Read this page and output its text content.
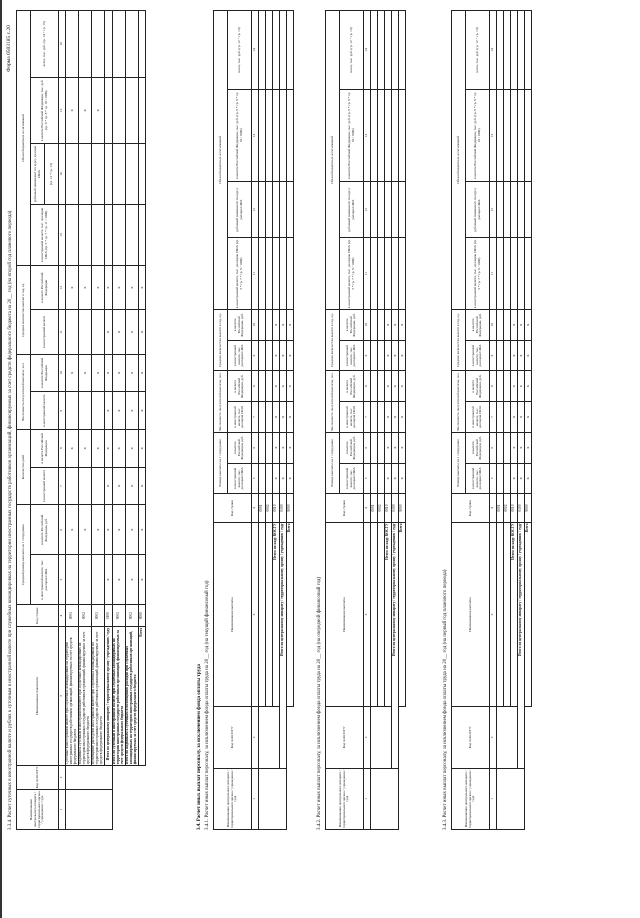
Форма 0503185 с.20
3.3.4. Расчет суточных в иностранной валюте и рублях к суточным в иностранной валюте при служебных командировках на территории иностранных государств работников организаций, финансируемых за счет средств федерального бюджета на 20__ год (на второй год планового периода)	Наименование центрального аппарата / территориального органа / учреждения / суда	Код по КОСГУ	Наименование показателя	Код строки	Средний размер выплаты на 1 сотрудника		Количество дней		Численность получателей выплаты, чел.		Среднее количество выплат в год, ед.		Объем бюджетных ассигнований			
				в иностранной валюте, тыс. долларов США	в валюте Российской Федерации, руб.	в иностранной валюте	в валюте Российской Федерации	в иностранной валюте	в валюте Российской Федерации	в иностранной валюте	в валюте Российской Федерации	в иностранной валюте, тыс. долларов США (гр. 5 * гр. 7 * гр. 11 / 1000)	рублевый эквивалент по курсу доллара США	в валюте Российской Федерации, тыс. руб. (гр. 6 * гр. 8 * гр. 10 / 1000)	всего, тыс. руб. (гр. 14 + гр. 15)
													(гр. 12 * гр. 13)		
1	2	3	4	5	6	7	8	9	10	11	12	13	14	15	16
		Суточные в иностранной валюте при служебных командировках на территории иностранных государств работников организаций, финансируемых за счет средств федерального бюджета	0001		x		x		x		x			x	
		Надбавки к суточным в иностранной валюте при служебных командировках на территории иностранных государств работников организаций, финансируемых за счет средств федерального бюджета	0002		x		x		x		x			x	
		Возмещение расходов в иностранной валюте при служебных командировках на территории иностранных государств работников организаций, финансируемых за счет средств федерального бюджета	0003		x		x		x		x			x	
		Итого по центральному аппарату / территориальному органу / учреждению / суду	0100	x	x	x	x	x	x	x	x				
		Итого по суточным в иностранной валюте при служебных командировках на территории иностранных государств работников организаций, финансируемых за счет средств федерального бюджета	9001	x	x	x	x	x	x	x	x				
		Итого по надбавкам к суточным и возмещению расходов при служебных командировках на территории иностранных государств работников организаций, финансируемых за счет средств федерального бюджета	9002	x	x	x	x	x	x	x	x				
		Всего	9000	x	x	x	x	x	x	x	x				
3.4. Расчет иных выплат персоналу, за исключением фонда оплаты труда 3.4.1. Расчет иных выплат персоналу, за исключением фонда оплаты труда на 20__ год (на текущий финансовый год)	Наименование центрального аппарата / территориального органа / учреждения / суда	Код по КОСГУ	Наименование выплаты	Код строки	Размер выплаты на 1 сотрудника		Численность получателей выплаты, чел.		Среднее количество выплат в год, ед.		Объем бюджетных ассигнований			
				в иностранной валюте, тыс. долларов США	в валюте Российской Федерации, руб.	в иностранной валюте, тыс. долларов США	в валюте Российской Федерации, руб.	в иностранной валюте, тыс. долларов США	в валюте Российской Федерации, руб.	в иностранной валюте, тыс. долларов США (гр. 5 * гр. 7 * гр. 9 / 1000)	рублевый эквивалент по курсу доллара США	в валюте Российской Федерации, тыс. руб. (гр. 6 * гр. 8 * гр. 10 / 1000)	всего, тыс. руб. (гр. 12 + гр. 13)
1	2	3	4	5	6	7	8	9	10	11	12	13	14
			0001										
			0002										
		Итого по коду КОСГУ	0010	x	x	x	x	x	x				
	Итого по центральному аппарату / территориальному органу / учреждению / суду		0100	x	x	x	x	x	x				
		Всего	9000	x	x	x	x	x	x				
3.4.2. Расчет иных выплат персоналу, за исключением фонда оплаты труда на 20__ год (на очередной финансовый год)	Наименование центрального аппарата / территориального органа / учреждения / суда	Код по КОСГУ	Наименование выплаты	Код строки	Размер выплаты на 1 сотрудника		Численность получателей выплаты, чел.		Среднее количество выплат в год, ед.		Объем бюджетных ассигнований			
				в иностранной валюте, тыс. долларов США	в валюте Российской Федерации, руб.	в иностранной валюте, тыс. долларов США	в валюте Российской Федерации, руб.	в иностранной валюте, тыс. долларов США	в валюте Российской Федерации, руб.	в иностранной валюте, тыс. долларов США (гр. 5 * гр. 7 * гр. 9 / 1000)	рублевый эквивалент по курсу доллара США	в валюте Российской Федерации, тыс. руб. (гр. 6 * гр. 8 * гр. 10 / 1000)	всего, тыс. руб. (гр. 12 + гр. 13)
1	2	3	4	5	6	7	8	9	10	11	12	13	14
			0001										
			0002										
		Итого по коду КОСГУ	0010	x	x	x	x	x	x				
	Итого по центральному аппарату / территориальному органу / учреждению / суду		0100	x	x	x	x	x	x				
		Всего	9000	x	x	x	x	x	x				
3.4.3. Расчет иных выплат персоналу, за исключением фонда оплаты труда на 20__ год (на первый год планового периода)	Наименование центрального аппарата / территориального органа / учреждения / суда	Код по КОСГУ	Наименование выплаты	Код строки	Размер выплаты на 1 сотрудника		Численность получателей выплаты, чел.		Среднее количество выплат в год, ед.		Объем бюджетных ассигнований			
				в иностранной валюте, тыс. долларов США	в валюте Российской Федерации, руб.	в иностранной валюте, тыс. долларов США	в валюте Российской Федерации, руб.	в иностранной валюте, тыс. долларов США	в валюте Российской Федерации, руб.	в иностранной валюте, тыс. долларов США (гр. 5 * гр. 7 * гр. 9 / 1000)	рублевый эквивалент по курсу доллара США	в валюте Российской Федерации, тыс. руб. (гр. 6 * гр. 8 * гр. 10 / 1000)	всего, тыс. руб. (гр. 12 + гр. 13)
1	2	3	4	5	6	7	8	9	10	11	12	13	14
			0001										
			0002										
		Итого по коду КОСГУ	0010	x	x	x	x	x	x				
	Итого по центральному аппарату / территориальному органу / учреждению / суду		0100	x	x	x	x	x	x				
		Всего	9000	x	x	x	x	x	x				
